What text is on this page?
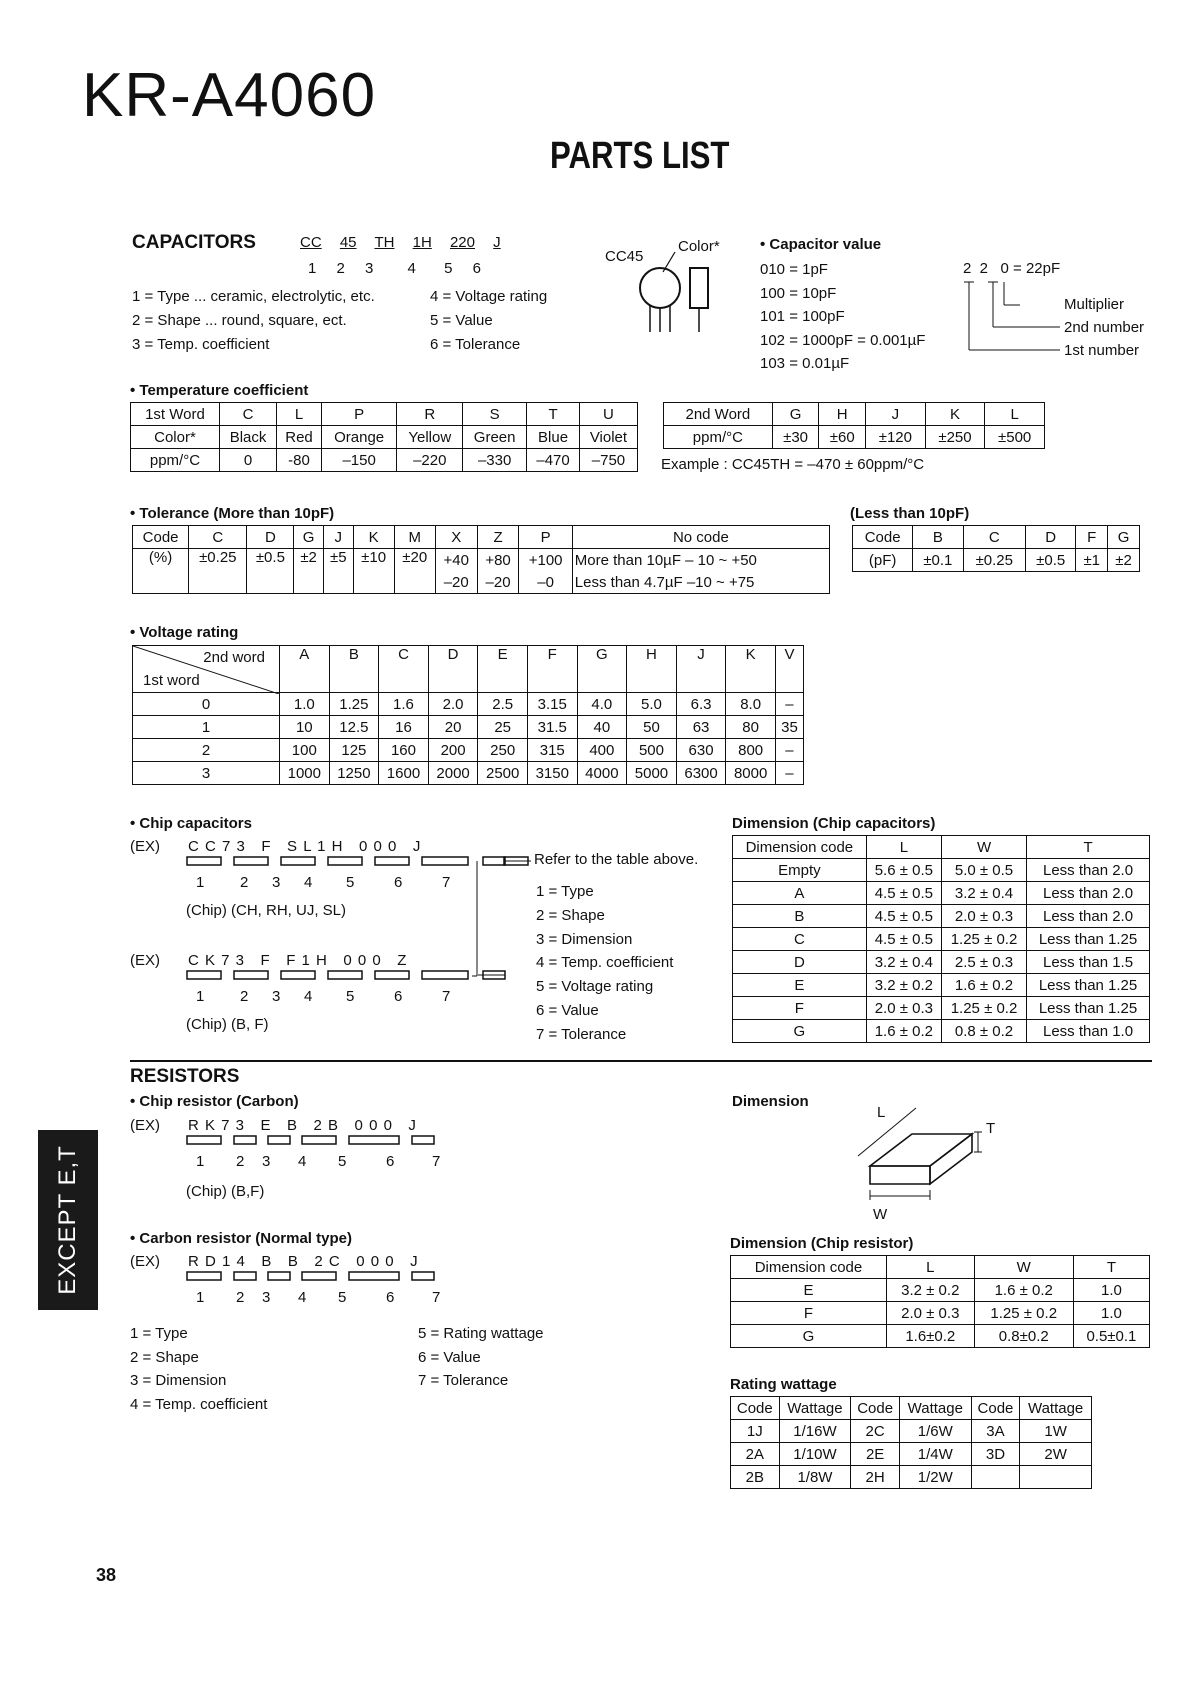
KR-A4060
PARTS LIST
CAPACITORS	CC 45 TH 1H 220 J
1 2 3 4 5 6
1 = Type ... ceramic, electrolytic, etc.
2 = Shape ... round, square, ect.
3 = Temp. coefficient
4 = Voltage rating
5 = Value
6 = Tolerance
CC45
Color*	• Capacitor value
010 = 1pF
100 = 10pF
101 = 100pF
102 = 1000pF = 0.001µF
103 = 0.01µF
2  2   0 = 22pF
Multiplier
2nd number
1st number
• Temperature coefficient
1st Word	C	L	P	R	S	T	U
Color*	Black	Red	Orange	Yellow	Green	Blue	Violet
ppm/°C	0	-80	–150	–220	–330	–470	–750
2nd Word	G	H	J	K	L
ppm/°C	±30	±60	±120	±250	±500
Example : CC45TH = –470 ± 60ppm/°C
• Tolerance (More than 10pF)
Code	C	D	G	J	K	M	X	Z	P	No code
(%)	±0.25	±0.5	±2	±5	±10	±20	+40	+80	+100	More than 10µF – 10 ~ +50
							–20	–20	–0	Less than 4.7µF –10 ~ +75
(Less than 10pF)
Code	B	C	D	F	G
(pF)	±0.1	±0.25	±0.5	±1	±2
• Voltage rating
2nd word
1st word	A	B	C	D	E	F	G	H	J	K	V
0	1.0	1.25	1.6	2.0	2.5	3.15	4.0	5.0	6.3	8.0	–
1	10	12.5	16	20	25	31.5	40	50	63	80	35
2	100	125	160	200	250	315	400	500	630	800	–
3	1000	1250	1600	2000	2500	3150	4000	5000	6300	8000	–
• Chip capacitors
(EX) C C 7 3   F   S L 1 H   0 0 0   J
1 2 3 4 5	6	7
(Chip) (CH, RH, UJ, SL)
Refer to the table above.
1 = Type
2 = Shape
3 = Dimension
4 = Temp. coefficient
5 = Voltage rating
6 = Value
7 = Tolerance
(EX) C K 7 3   F   F 1 H   0 0 0   Z
1 2 3 4 5	6	7
(Chip) (B, F)
Dimension (Chip capacitors)
Dimension code	L	W	T
Empty	5.6 ± 0.5	5.0 ± 0.5	Less than 2.0
A	4.5 ± 0.5	3.2 ± 0.4	Less than 2.0
B	4.5 ± 0.5	2.0 ± 0.3	Less than 2.0
C	4.5 ± 0.5	1.25 ± 0.2	Less than 1.25
D	3.2 ± 0.4	2.5 ± 0.3	Less than 1.5
E	3.2 ± 0.2	1.6 ± 0.2	Less than 1.25
F	2.0 ± 0.3	1.25 ± 0.2	Less than 1.25
G	1.6 ± 0.2	0.8 ± 0.2	Less than 1.0
RESISTORS
• Chip resistor (Carbon)
(EX) R K 7 3   E   B   2 B   0 0 0   J
1 2 3 4 5	6	7
(Chip) (B,F)
• Carbon resistor (Normal type)
(EX) R D 1 4   B   B   2 C   0 0 0   J
1 2 3 4 5	6	7
1 = Type
2 = Shape
3 = Dimension
4 = Temp. coefficient
5 = Rating wattage
6 = Value
7 = Tolerance
Dimension
L
T
W
Dimension (Chip resistor)
Dimension code	L	W	T
E	3.2 ± 0.2	1.6 ± 0.2	1.0
F	2.0 ± 0.3	1.25 ± 0.2	1.0
G	1.6±0.2	0.8±0.2	0.5±0.1
Rating wattage
Code	Wattage	Code	Wattage	Code	Wattage
1J	1/16W	2C	1/6W	3A	1W
2A	1/10W	2E	1/4W	3D	2W
2B	1/8W	2H	1/2W		
EXCEPT E,T
38
